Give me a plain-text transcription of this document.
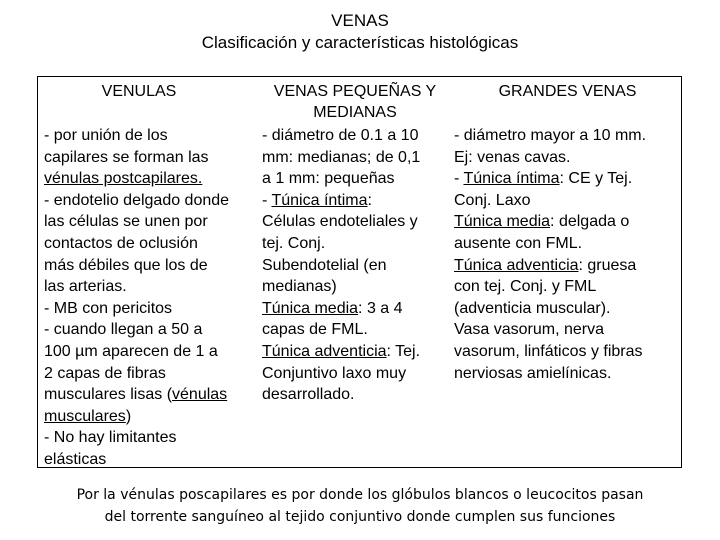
VENAS
Clasificación y características histológicas
VENULAS
- por unión de los
capilares se forman las
vénulas postcapilares.
- endotelio delgado donde
las células se unen por
contactos de oclusión
más débiles que los de
las arterias.
- MB con pericitos
- cuando llegan a 50 a
100 µm aparecen de 1 a
2 capas de fibras
musculares lisas (vénulas
musculares)
- No hay limitantes
elásticas
VENAS PEQUEÑAS Y MEDIANAS
- diámetro de 0.1 a 10
mm: medianas; de 0,1
a 1 mm: pequeñas
- Túnica íntima:
Células endoteliales y
tej. Conj.
Subendotelial (en
medianas)
Túnica media: 3 a 4
capas de FML.
Túnica adventicia: Tej.
Conjuntivo laxo muy
desarrollado.
GRANDES VENAS
- diámetro mayor a 10 mm.
Ej: venas cavas.
- Túnica íntima: CE y Tej.
Conj. Laxo
Túnica media: delgada o
ausente con FML.
Túnica adventicia: gruesa
con tej. Conj. y FML
(adventicia muscular).
Vasa vasorum, nerva
vasorum, linfáticos y fibras
nerviosas amielínicas.
Por la vénulas poscapilares es por donde los glóbulos blancos o leucocitos pasan
del torrente sanguíneo al tejido conjuntivo donde cumplen sus funciones
